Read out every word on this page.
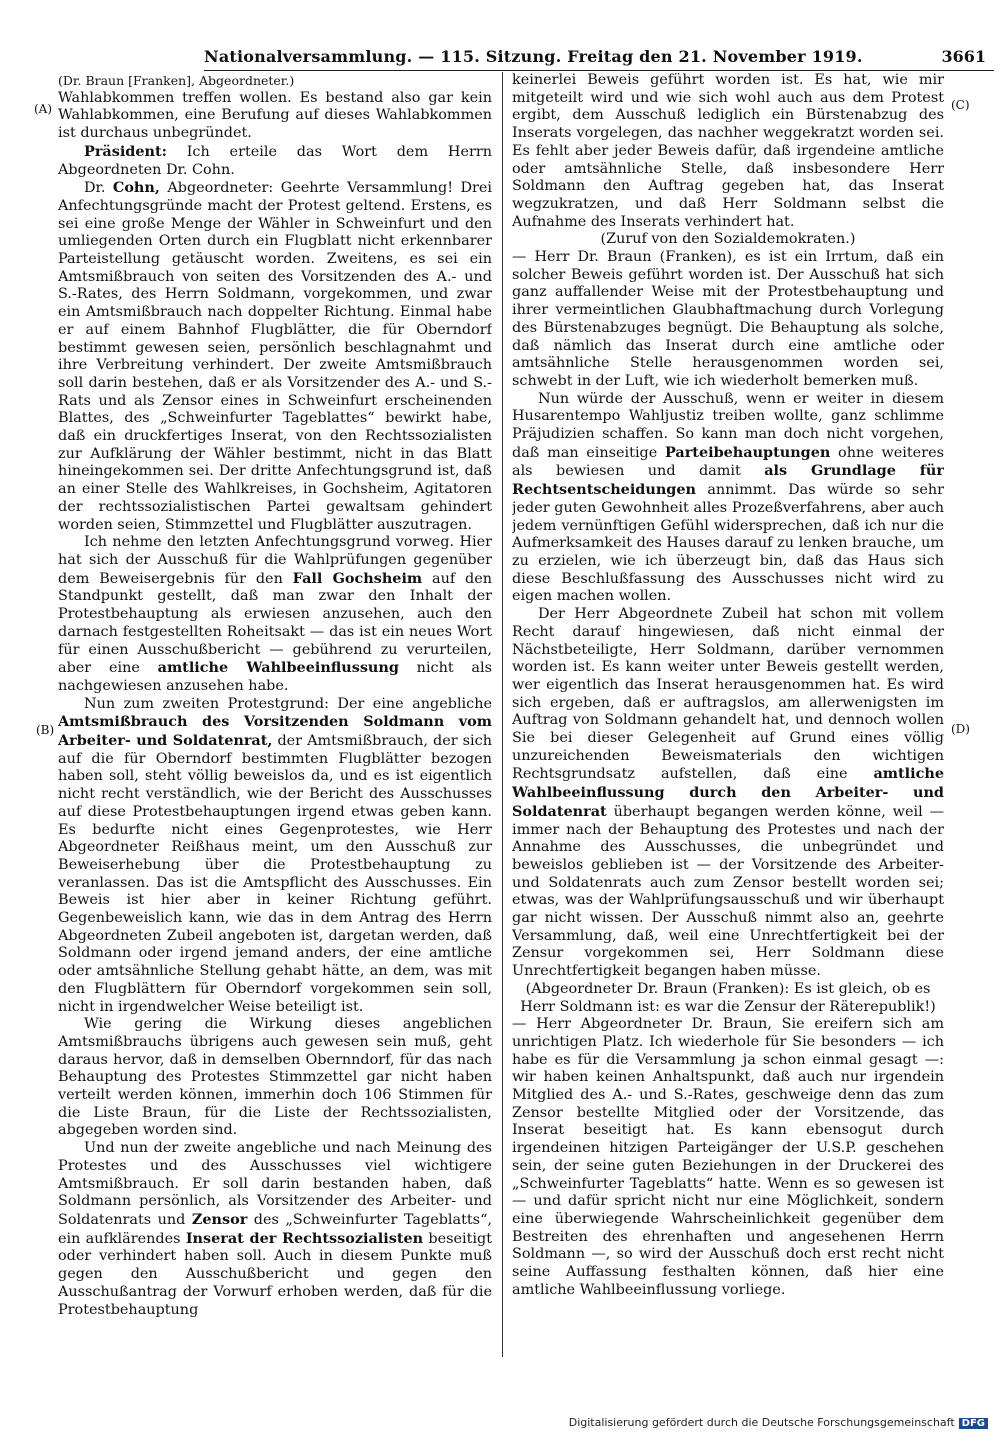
Nationalversammlung. — 115. Sitzung. Freitag den 21. November 1919.	3661
(A)
(B)
(C)
(D)

(Dr. Braun [Franken], Abgeordneter.)

Wahlabkommen treffen wollen. Es bestand also gar kein Wahlabkommen, eine Berufung auf dieses Wahlabkommen ist durchaus unbegründet.

Präsident: Ich erteile das Wort dem Herrn Abgeordneten Dr. Cohn.

Dr. Cohn, Abgeordneter: Geehrte Versammlung! Drei Anfechtungsgründe macht der Protest geltend. Erstens, es sei eine große Menge der Wähler in Schweinfurt und den umliegenden Orten durch ein Flugblatt nicht erkennbarer Parteistellung getäuscht worden. Zweitens, es sei ein Amtsmißbrauch von seiten des Vorsitzenden des A.- und S.-Rates, des Herrn Soldmann, vorgekommen, und zwar ein Amtsmißbrauch nach doppelter Richtung. Einmal habe er auf einem Bahnhof Flugblätter, die für Oberndorf bestimmt gewesen seien, persönlich beschlagnahmt und ihre Verbreitung verhindert. Der zweite Amtsmißbrauch soll darin bestehen, daß er als Vorsitzender des A.- und S.-Rats und als Zensor eines in Schweinfurt erscheinenden Blattes, des „Schweinfurter Tageblattes“ bewirkt habe, daß ein druckfertiges Inserat, von den Rechtssozialisten zur Aufklärung der Wähler bestimmt, nicht in das Blatt hineingekommen sei. Der dritte Anfechtungsgrund ist, daß an einer Stelle des Wahlkreises, in Gochsheim, Agitatoren der rechtssozialistischen Partei gewaltsam gehindert worden seien, Stimmzettel und Flugblätter auszutragen.

Ich nehme den letzten Anfechtungsgrund vorweg. Hier hat sich der Ausschuß für die Wahlprüfungen gegenüber dem Beweisergebnis für den Fall Gochsheim auf den Standpunkt gestellt, daß man zwar den Inhalt der Protestbehauptung als erwiesen anzusehen, auch den darnach festgestellten Roheitsakt — das ist ein neues Wort für einen Ausschußbericht — gebührend zu verurteilen, aber eine amtliche Wahlbeeinflussung nicht als nachgewiesen anzusehen habe.

Nun zum zweiten Protestgrund: Der eine angebliche Amtsmißbrauch des Vorsitzenden Soldmann vom Arbeiter- und Soldatenrat, der Amtsmißbrauch, der sich auf die für Oberndorf bestimmten Flugblätter bezogen haben soll, steht völlig beweislos da, und es ist eigentlich nicht recht verständlich, wie der Bericht des Ausschusses auf diese Protestbehauptungen irgend etwas geben kann. Es bedurfte nicht eines Gegenprotestes, wie Herr Abgeordneter Reißhaus meint, um den Ausschuß zur Beweiserhebung über die Protestbehauptung zu veranlassen. Das ist die Amtspflicht des Ausschusses. Ein Beweis ist hier aber in keiner Richtung geführt. Gegenbeweislich kann, wie das in dem Antrag des Herrn Abgeordneten Zubeil angeboten ist, dargetan werden, daß Soldmann oder irgend jemand anders, der eine amtliche oder amtsähnliche Stellung gehabt hätte, an dem, was mit den Flugblättern für Oberndorf vorgekommen sein soll, nicht in irgendwelcher Weise beteiligt ist.

Wie gering die Wirkung dieses angeblichen Amtsmißbrauchs übrigens auch gewesen sein muß, geht daraus hervor, daß in demselben Obernndorf, für das nach Behauptung des Protestes Stimmzettel gar nicht haben verteilt werden können, immerhin doch 106 Stimmen für die Liste Braun, für die Liste der Rechtssozialisten, abgegeben worden sind.

Und nun der zweite angebliche und nach Meinung des Protestes und des Ausschusses viel wichtigere Amtsmißbrauch. Er soll darin bestanden haben, daß Soldmann persönlich, als Vorsitzender des Arbeiter- und Soldatenrats und Zensor des „Schweinfurter Tageblatts“, ein aufklärendes Inserat der Rechtssozialisten beseitigt oder verhindert haben soll. Auch in diesem Punkte muß gegen den Ausschußbericht und gegen den Ausschußantrag der Vorwurf erhoben werden, daß für die Protestbehauptung

keinerlei Beweis geführt worden ist. Es hat, wie mir mitgeteilt wird und wie sich wohl auch aus dem Protest ergibt, dem Ausschuß lediglich ein Bürstenabzug des Inserats vorgelegen, das nachher weggekratzt worden sei. Es fehlt aber jeder Beweis dafür, daß irgendeine amtliche oder amtsähnliche Stelle, daß insbesondere Herr Soldmann den Auftrag gegeben hat, das Inserat wegzukratzen, und daß Herr Soldmann selbst die Aufnahme des Inserats verhindert hat.

(Zuruf von den Sozialdemokraten.)

— Herr Dr. Braun (Franken), es ist ein Irrtum, daß ein solcher Beweis geführt worden ist. Der Ausschuß hat sich ganz auffallender Weise mit der Protestbehauptung und ihrer vermeintlichen Glaubhaftmachung durch Vorlegung des Bürstenabzuges begnügt. Die Behauptung als solche, daß nämlich das Inserat durch eine amtliche oder amtsähnliche Stelle herausgenommen worden sei, schwebt in der Luft, wie ich wiederholt bemerken muß.

Nun würde der Ausschuß, wenn er weiter in diesem Husarentempo Wahljustiz treiben wollte, ganz schlimme Präjudizien schaffen. So kann man doch nicht vorgehen, daß man einseitige Parteibehauptungen ohne weiteres als bewiesen und damit als Grundlage für Rechtsentscheidungen annimmt. Das würde so sehr jeder guten Gewohnheit alles Prozeßverfahrens, aber auch jedem vernünftigen Gefühl widersprechen, daß ich nur die Aufmerksamkeit des Hauses darauf zu lenken brauche, um zu erzielen, wie ich überzeugt bin, daß das Haus sich diese Beschlußfassung des Ausschusses nicht wird zu eigen machen wollen.

Der Herr Abgeordnete Zubeil hat schon mit vollem Recht darauf hingewiesen, daß nicht einmal der Nächstbeteiligte, Herr Soldmann, darüber vernommen worden ist. Es kann weiter unter Beweis gestellt werden, wer eigentlich das Inserat herausgenommen hat. Es wird sich ergeben, daß er auftragslos, am allerwenigsten im Auftrag von Soldmann gehandelt hat, und dennoch wollen Sie bei dieser Gelegenheit auf Grund eines völlig unzureichenden Beweismaterials den wichtigen Rechtsgrundsatz aufstellen, daß eine amtliche Wahlbeeinflussung durch den Arbeiter- und Soldatenrat überhaupt begangen werden könne, weil — immer nach der Behauptung des Protestes und nach der Annahme des Ausschusses, die unbegründet und beweislos geblieben ist — der Vorsitzende des Arbeiter- und Soldatenrats auch zum Zensor bestellt worden sei; etwas, was der Wahlprüfungsausschuß und wir überhaupt gar nicht wissen. Der Ausschuß nimmt also an, geehrte Versammlung, daß, weil eine Unrechtfertigkeit bei der Zensur vorgekommen sei, Herr Soldmann diese Unrechtfertigkeit begangen haben müsse.

(Abgeordneter Dr. Braun (Franken): Es ist gleich, ob es Herr Soldmann ist: es war die Zensur der Räterepublik!)

— Herr Abgeordneter Dr. Braun, Sie ereifern sich am unrichtigen Platz. Ich wiederhole für Sie besonders — ich habe es für die Versammlung ja schon einmal gesagt —: wir haben keinen Anhaltspunkt, daß auch nur irgendein Mitglied des A.- und S.-Rates, geschweige denn das zum Zensor bestellte Mitglied oder der Vorsitzende, das Inserat beseitigt hat. Es kann ebensogut durch irgendeinen hitzigen Parteigänger der U.S.P. geschehen sein, der seine guten Beziehungen in der Druckerei des „Schweinfurter Tageblatts“ hatte. Wenn es so gewesen ist — und dafür spricht nicht nur eine Möglichkeit, sondern eine überwiegende Wahrscheinlichkeit gegenüber dem Bestreiten des ehrenhaften und angesehenen Herrn Soldmann —, so wird der Ausschuß doch erst recht nicht seine Auffassung festhalten können, daß hier eine amtliche Wahlbeeinflussung vorliege.

Digitalisierung gefördert durch die Deutsche Forschungsgemeinschaft DFG
